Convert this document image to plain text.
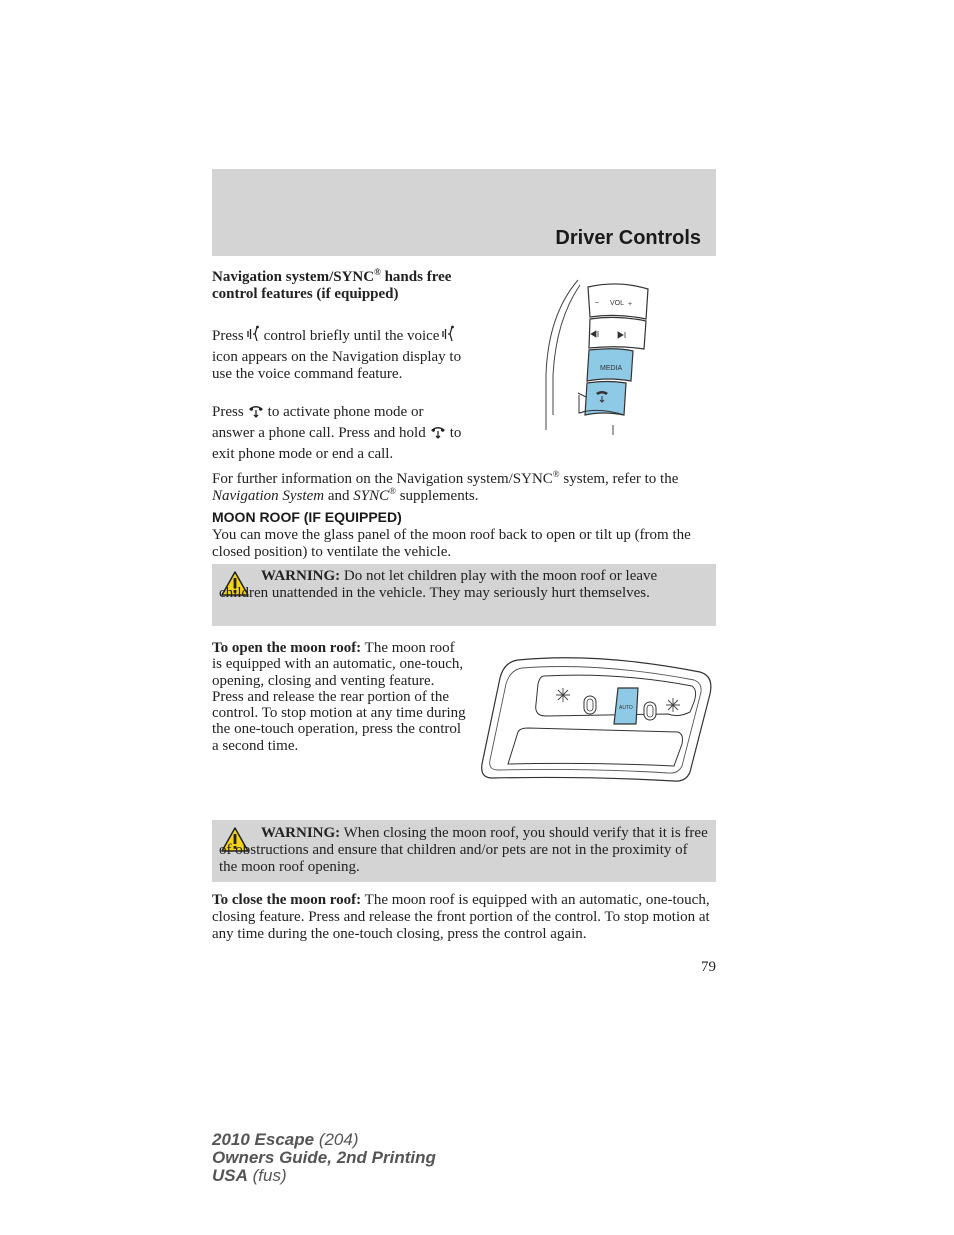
Driver Controls
Navigation system/SYNC® hands free control features (if equipped)
Press control briefly until the voiceicon appears on the Navigation display to use the voice command feature.
Press to activate phone mode or answer a phone call. Press and hold to exit phone mode or end a call.
For further information on the Navigation system/SYNC® system, refer to the Navigation System and SYNC® supplements.
– VOL +
MEDIA
MOON ROOF (IF EQUIPPED)
You can move the glass panel of the moon roof back to open or tilt up (from the closed position) to ventilate the vehicle.
WARNING: Do not let children play with the moon roof or leave children unattended in the vehicle. They may seriously hurt themselves.
To open the moon roof: The moon roof is equipped with an automatic, one-touch, opening, closing and venting feature. Press and release the rear portion of the control. To stop motion at any time during the one-touch operation, press the control a second time.
AUTO
WARNING: When closing the moon roof, you should verify that it is free of obstructions and ensure that children and/or pets are not in the proximity of the moon roof opening.
To close the moon roof: The moon roof is equipped with an automatic, one-touch, closing feature. Press and release the front portion of the control. To stop motion at any time during the one-touch closing, press the control again.
79
2010 Escape (204)
Owners Guide, 2nd Printing
USA (fus)
